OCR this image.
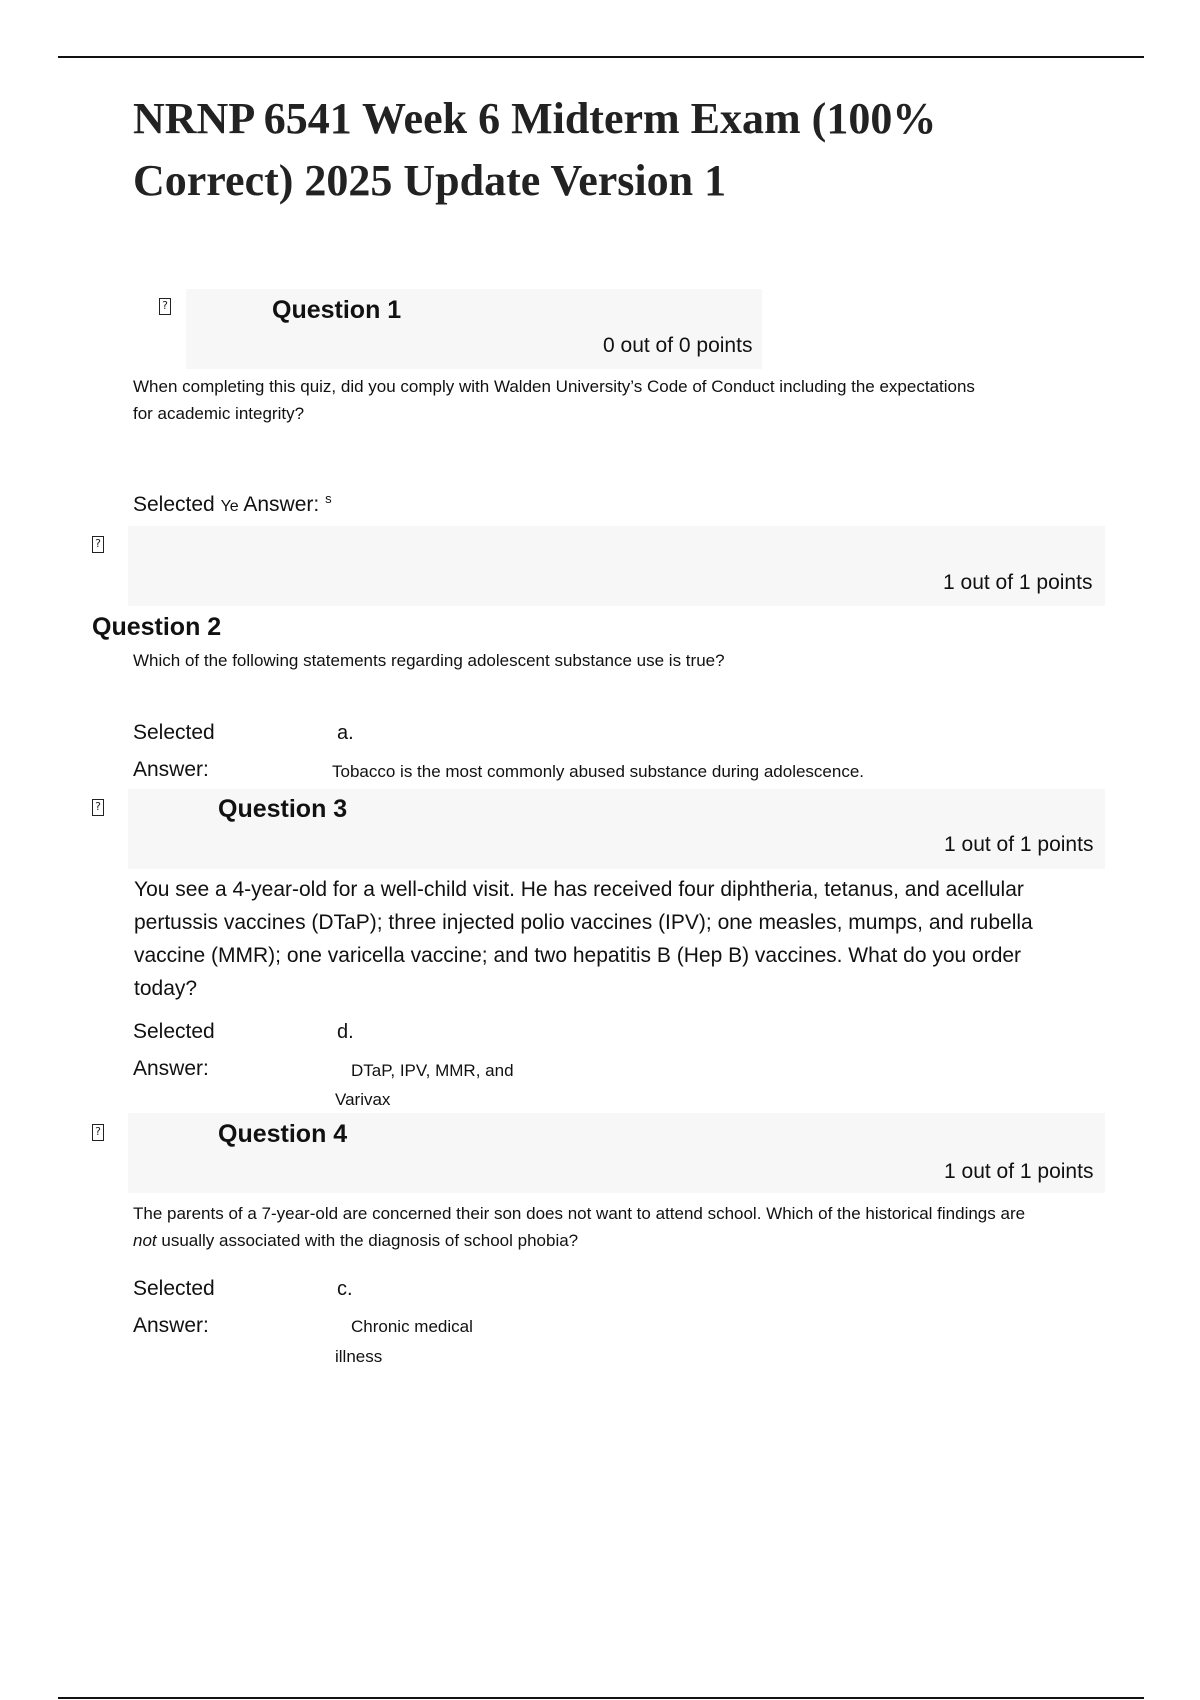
NRNP 6541 Week 6 Midterm Exam (100% Correct) 2025 Update Version 1
?	Question 1
0 out of 0 points
When completing this quiz, did you comply with Walden University’s Code of Conduct including the expectations for academic integrity?
Selected Ye Answer: $^s$
?
1 out of 1 points
Question 2
Which of the following statements regarding adolescent substance use is true?
Selected	a.
Answer:	Tobacco is the most commonly abused substance during adolescence.
?	Question 3
1 out of 1 points
You see a 4-year-old for a well-child visit. He has received four diphtheria, tetanus, and acellular pertussis vaccines (DTaP); three injected polio vaccines (IPV); one measles, mumps, and rubella vaccine (MMR); one varicella vaccine; and two hepatitis B (Hep B) vaccines. What do you order today?
Selected	d.
Answer:	DTaP, IPV, MMR, and
Varivax
?	Question 4
1 out of 1 points
The parents of a 7-year-old are concerned their son does not want to attend school. Which of the historical findings are not usually associated with the diagnosis of school phobia?
Selected	c.
Answer:	Chronic medical
illness
